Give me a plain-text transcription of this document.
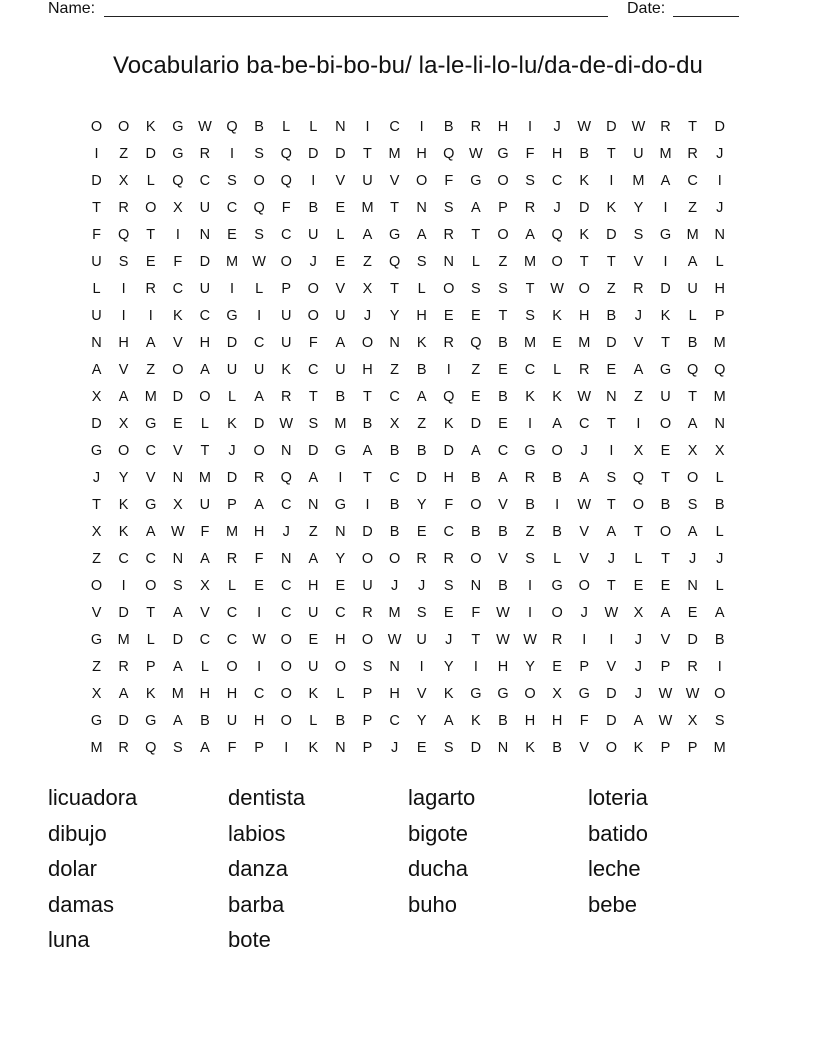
Name:	Date:
Vocabulario ba-be-bi-bo-bu/ la-le-li-lo-lu/da-de-di-do-du
O	O	K	G	W	Q	B	L	L	N	I	C	I	B	R	H	I	J	W	D	W	R	T	D
I	Z	D	G	R	I	S	Q	D	D	T	M	H	Q	W	G	F	H	B	T	U	M	R	J
D	X	L	Q	C	S	O	Q	I	V	U	V	O	F	G	O	S	C	K	I	M	A	C	I
T	R	O	X	U	C	Q	F	B	E	M	T	N	S	A	P	R	J	D	K	Y	I	Z	J
F	Q	T	I	N	E	S	C	U	L	A	G	A	R	T	O	A	Q	K	D	S	G	M	N
U	S	E	F	D	M W	O	J	E	Z	Q	S	N	L	Z	M	O	T	T	V	I	A	L
L	I	R	C	U	I	L	P	O	V	X	T	L	O	S	S	T	W	O	Z	R	D	U	H
U	I	I	K	C	G	I	U	O	U	J	Y	H	E	E	T	S	K	H	B	J	K	L	P
N	H	A	V	H	D	C	U	F	A	O	N	K	R	Q	B	M	E	M	D	V	T	B	M
A	V	Z	O	A	U	U	K	C	U	H	Z	B	I	Z	E	C	L	R	E	A	G	Q	Q
X	A	M	D	O	L	A	R	T	B	T	C	A	Q	E	B	K	K	W	N	Z	U	T	M
D	X	G	E	L	K	D	W	S	M	B	X	Z	K	D	E	I	A	C	T	I	O	A	N
G	O	C	V	T	J	O	N	D	G	A	B	B	D	A	C	G	O	J	I	X	E	X	X
J	Y	V	N	M	D	R	Q	A	I	T	C	D	H	B	A	R	B	A	S	Q	T	O	L
T	K	G	X	U	P	A	C	N	G	I	B	Y	F	O	V	B	I	W	T	O	B	S	B
X	K	A	W	F	M	H	J	Z	N	D	B	E	C	B	B	Z	B	V	A	T	O	A	L
Z	C	C	N	A	R	F	N	A	Y	O	O	R	R	O	V	S	L	V	J	L	T	J	J
O	I	O	S	X	L	E	C	H	E	U	J	J	S	N	B	I	G	O	T	E	E	N	L
V	D	T	A	V	C	I	C	U	C	R	M	S	E	F	W	I	O	J	W	X	A	E	A
G	M	L	D	C	C	W	O	E	H	O	W	U	J	T	W W	R	I	I	J	V	D	B
Z	R	P	A	L	O	I	O	U	O	S	N	I	Y	I	H	Y	E	P	V	J	P	R	I
X	A	K	M	H	H	C	O	K	L	P	H	V	K	G	G	O	X	G	D	J	W W	O
G	D	G	A	B	U	H	O	L	B	P	C	Y	A	K	B	H	H	F	D	A	W	X	S
M	R	Q	S	A	F	P	I	K	N	P	J	E	S	D	N	K	B	V	O	K	P	P	M
licuadora
dibujo
dolar
damas
luna
dentista
labios
danza
barba
bote
lagarto
bigote
ducha
buho
loteria
batido
leche
bebe
